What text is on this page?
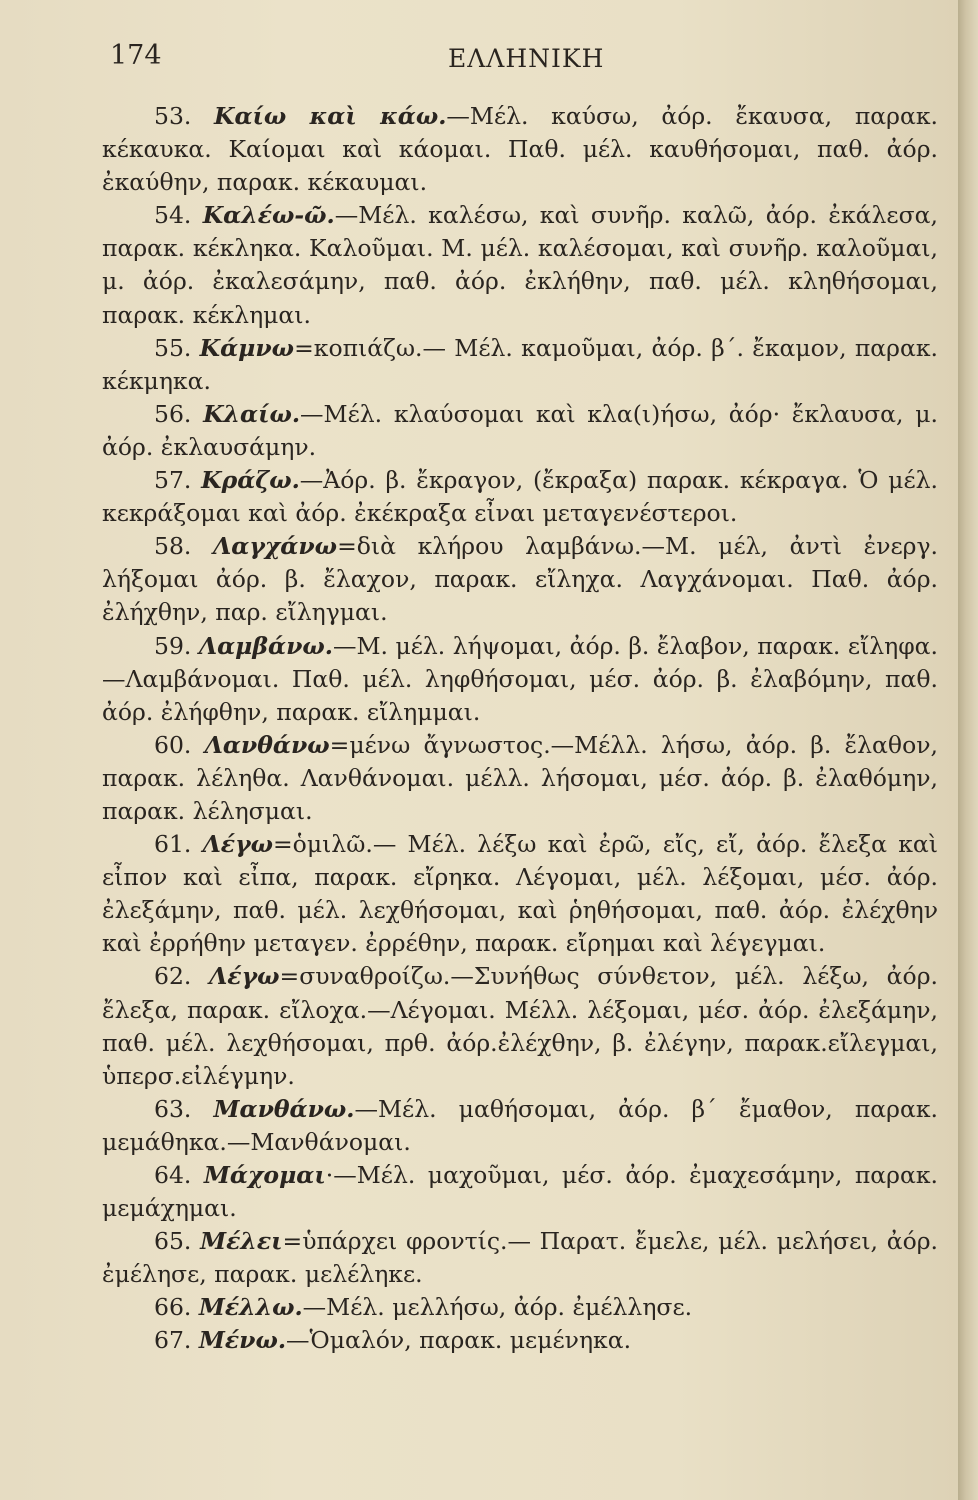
174	ΕΛΛΗΝΙΚΗ

53. Καίω καὶ κάω.—Μέλ. καύσω, ἀόρ. ἔκαυσα, παρακ. κέκαυκα. Καίομαι καὶ κάομαι. Παθ. μέλ. καυθήσομαι, παθ. ἀόρ. ἐκαύθην, παρακ. κέκαυμαι.

54. Καλέω-ῶ.—Μέλ. καλέσω, καὶ συνῆρ. καλῶ, ἀόρ. ἐκάλεσα, παρακ. κέκληκα. Καλοῦμαι. Μ. μέλ. καλέσομαι, καὶ συνῆρ. καλοῦμαι, μ. ἀόρ. ἐκαλεσάμην, παθ. ἀόρ. ἐκλήθην, παθ. μέλ. κληθήσομαι, παρακ. κέκλημαι.

55. Κάμνω=κοπιάζω.— Μέλ. καμοῦμαι, ἀόρ. β΄. ἔκαμον, παρακ. κέκμηκα.

56. Κλαίω.—Μέλ. κλαύσομαι καὶ κλα(ι)ήσω, ἀόρ· ἔκλαυσα, μ. ἀόρ. ἐκλαυσάμην.

57. Κράζω.—Ἀόρ. β. ἔκραγον, (ἔκραξα) παρακ. κέκραγα. Ὁ μέλ. κεκράξομαι καὶ ἀόρ. ἐκέκραξα εἶναι μεταγενέστεροι.

58. Λαγχάνω=διὰ κλήρου λαμβάνω.—Μ. μέλ, ἀντὶ ἐνεργ. λήξομαι ἀόρ. β. ἔλαχον, παρακ. εἴληχα. Λαγχάνομαι. Παθ. ἀόρ. ἐλήχθην, παρ. εἴληγμαι.

59. Λαμβάνω.—Μ. μέλ. λήψομαι, ἀόρ. β. ἔλαβον, παρακ. εἴληφα. —Λαμβάνομαι. Παθ. μέλ. ληφθήσομαι, μέσ. ἀόρ. β. ἐλαβόμην, παθ. ἀόρ. ἐλήφθην, παρακ. εἴλημμαι.

60. Λανθάνω=μένω ἄγνωστος.—Μέλλ. λήσω, ἀόρ. β. ἔλαθον, παρακ. λέληθα. Λανθάνομαι. μέλλ. λήσομαι, μέσ. ἀόρ. β. ἐλαθόμην, παρακ. λέλησμαι.

61. Λέγω=ὁμιλῶ.— Μέλ. λέξω καὶ ἐρῶ, εἴς, εἴ, ἀόρ. ἔλεξα καὶ εἶπον καὶ εἶπα, παρακ. εἴρηκα. Λέγομαι, μέλ. λέξομαι, μέσ. ἀόρ. ἐλεξάμην, παθ. μέλ. λεχθήσομαι, καὶ ῥηθήσομαι, παθ. ἀόρ. ἐλέχθην καὶ ἐρρήθην μεταγεν. ἐρρέθην, παρακ. εἴρημαι καὶ λέγεγμαι.

62. Λέγω=συναθροίζω.—Συνήθως σύνθετον, μέλ. λέξω, ἀόρ. ἔλεξα, παρακ. εἴλοχα.—Λέγομαι. Μέλλ. λέξομαι, μέσ. ἀόρ. ἐλεξάμην, παθ. μέλ. λεχθήσομαι, πρθ. ἀόρ.ἐλέχθην, β. ἐλέγην, παρακ.εἴλεγμαι, ὑπερσ.εἰλέγμην.

63. Μανθάνω.—Μέλ. μαθήσομαι, ἀόρ. β΄ ἔμαθον, παρακ. μεμάθηκα.—Μανθάνομαι.

64. Μάχομαι·—Μέλ. μαχοῦμαι, μέσ. ἀόρ. ἐμαχεσάμην, παρακ. μεμάχημαι.

65. Μέλει=ὑπάρχει φροντίς.— Παρατ. ἔμελε, μέλ. μελήσει, ἀόρ. ἐμέλησε, παρακ. μελέληκε.

66. Μέλλω.—Μέλ. μελλήσω, ἀόρ. ἐμέλλησε.

67. Μένω.—Ὁμαλόν, παρακ. μεμένηκα.
